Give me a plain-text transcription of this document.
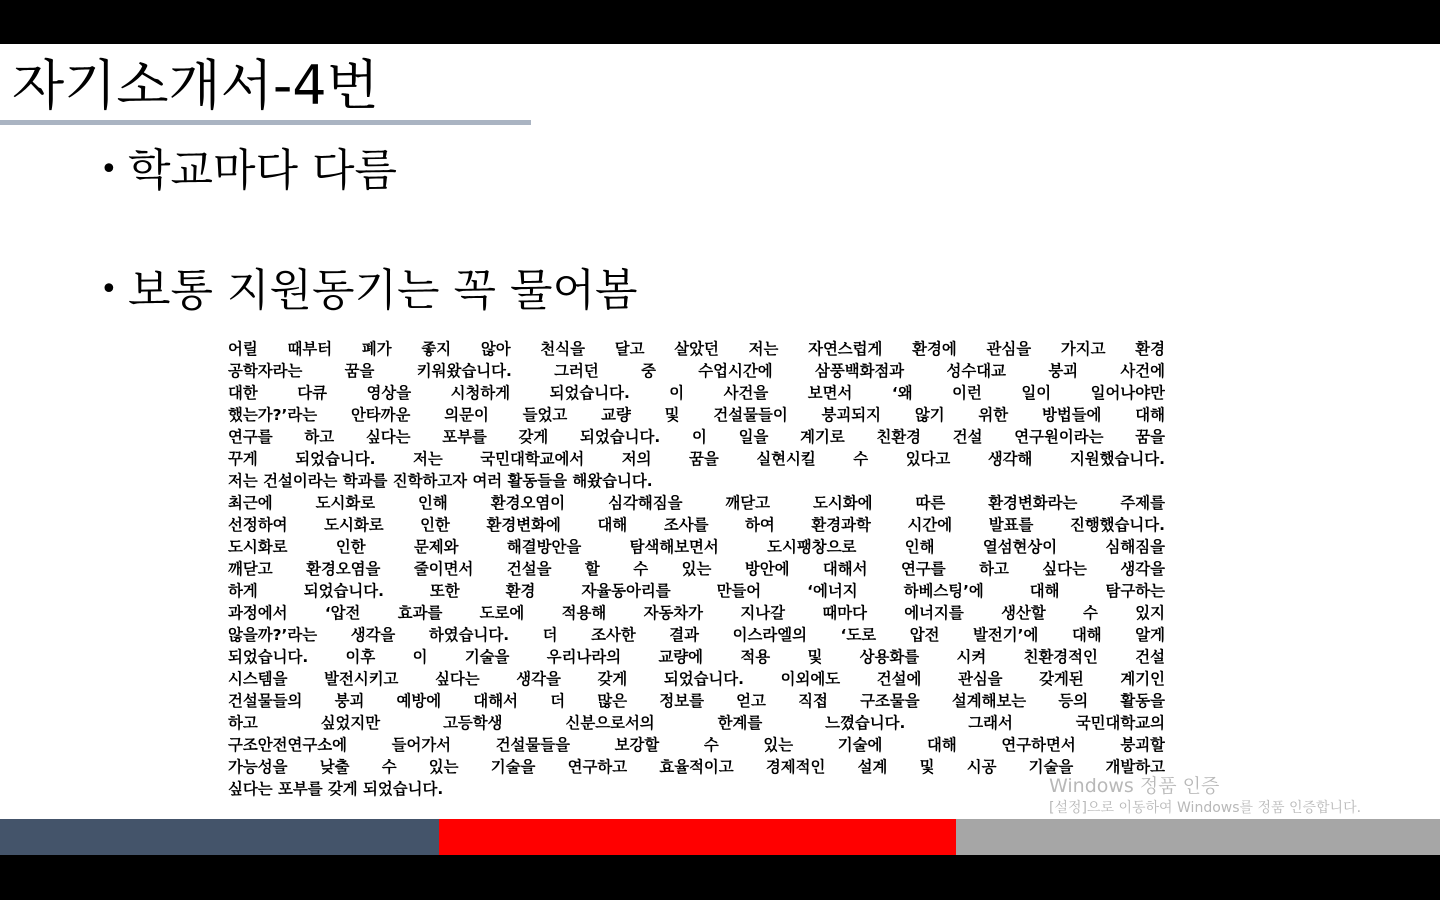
자기소개서-4번
• 학교마다 다름
• 보통 지원동기는 꼭 물어봄
어릴 때부터 폐가 좋지 않아 천식을 달고 살았던 저는 자연스럽게 환경에 관심을 가지고 환경
공학자라는 꿈을 키워왔습니다. 그러던 중 수업시간에 삼풍백화점과 성수대교 붕괴 사건에
대한 다큐 영상을 시청하게 되었습니다. 이 사건을 보면서 ‘왜 이런 일이 일어나야만
했는가?’라는 안타까운 의문이 들었고 교량 및 건설물들이 붕괴되지 않기 위한 방법들에 대해
연구를 하고 싶다는 포부를 갖게 되었습니다. 이 일을 계기로 친환경 건설 연구원이라는 꿈을
꾸게 되었습니다. 저는 국민대학교에서 저의 꿈을 실현시킬 수 있다고 생각해 지원했습니다.
저는 건설이라는 학과를 진학하고자 여러 활동들을 해왔습니다.
최근에 도시화로 인해 환경오염이 심각해짐을 깨닫고 도시화에 따른 환경변화라는 주제를
선정하여 도시화로 인한 환경변화에 대해 조사를 하여 환경과학 시간에 발표를 진행했습니다.
도시화로 인한 문제와 해결방안을 탐색해보면서 도시팽창으로 인해 열섬현상이 심해짐을
깨닫고 환경오염을 줄이면서 건설을 할 수 있는 방안에 대해서 연구를 하고 싶다는 생각을
하게 되었습니다. 또한 환경 자율동아리를 만들어 ‘에너지 하베스팅’에 대해 탐구하는
과정에서 ‘압전 효과를 도로에 적용해 자동차가 지나갈 때마다 에너지를 생산할 수 있지
않을까?’라는 생각을 하였습니다. 더 조사한 결과 이스라엘의 ‘도로 압전 발전기’에 대해 알게
되었습니다. 이후 이 기술을 우리나라의 교량에 적용 및 상용화를 시켜 친환경적인 건설
시스템을 발전시키고 싶다는 생각을 갖게 되었습니다. 이외에도 건설에 관심을 갖게된 계기인
건설물들의 붕괴 예방에 대해서 더 많은 정보를 얻고 직접 구조물을 설계해보는 등의 활동을
하고 싶었지만 고등학생 신분으로서의 한계를 느꼈습니다. 그래서 국민대학교의
구조안전연구소에 들어가서 건설물들을 보강할 수 있는 기술에 대해 연구하면서 붕괴할
가능성을 낮출 수 있는 기술을 연구하고 효율적이고 경제적인 설계 및 시공 기술을 개발하고
싶다는 포부를 갖게 되었습니다.	Windows 정품 인증
[설정]으로 이동하여 Windows를 정품 인증합니다.
